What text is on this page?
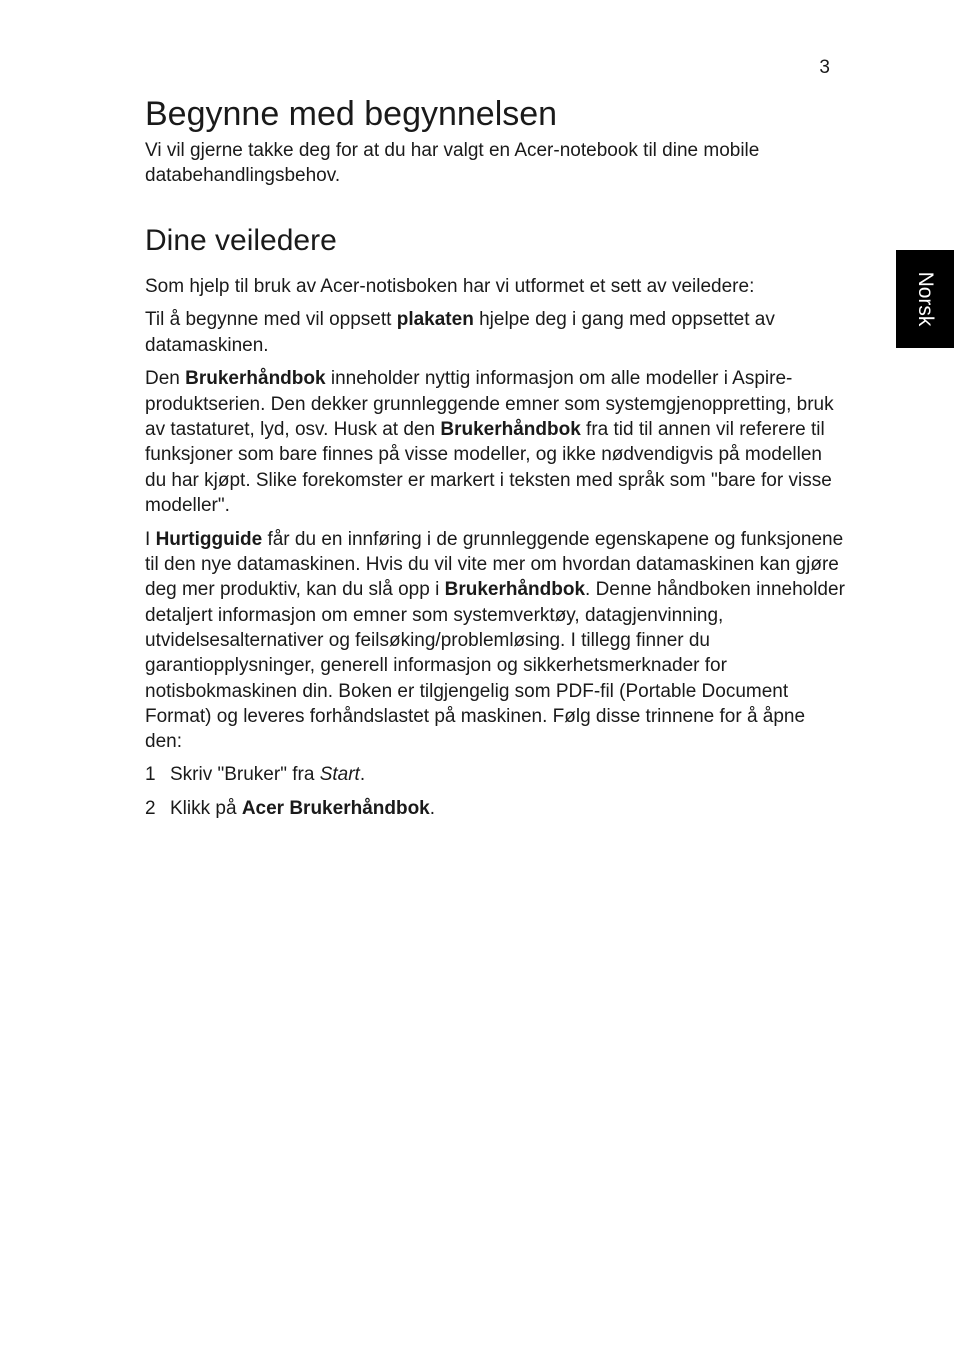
3
Norsk
Begynne med begynnelsen

Vi vil gjerne takke deg for at du har valgt en Acer-notebook til dine mobile databehandlingsbehov.

Dine veiledere

Som hjelp til bruk av Acer-notisboken har vi utformet et sett av veiledere:

Til å begynne med vil oppsett plakaten hjelpe deg i gang med oppsettet av datamaskinen.

Den Brukerhåndbok inneholder nyttig informasjon om alle modeller i Aspire-produktserien. Den dekker grunnleggende emner som systemgjenoppretting, bruk av tastaturet, lyd, osv. Husk at den Brukerhåndbok fra tid til annen vil referere til funksjoner som bare finnes på visse modeller, og ikke nødvendigvis på modellen du har kjøpt. Slike forekomster er markert i teksten med språk som "bare for visse modeller".

I Hurtigguide får du en innføring i de grunnleggende egenskapene og funksjonene til den nye datamaskinen. Hvis du vil vite mer om hvordan datamaskinen kan gjøre deg mer produktiv, kan du slå opp i Brukerhåndbok. Denne håndboken inneholder detaljert informasjon om emner som systemverktøy, datagjenvinning, utvidelsesalternativer og feilsøking/problemløsing. I tillegg finner du garantiopplysninger, generell informasjon og sikkerhetsmerknader for notisbokmaskinen din. Boken er tilgjengelig som PDF-fil (Portable Document Format) og leveres forhåndslastet på maskinen. Følg disse trinnene for å åpne den:

1 Skriv "Bruker" fra Start.
2 Klikk på Acer Brukerhåndbok.
